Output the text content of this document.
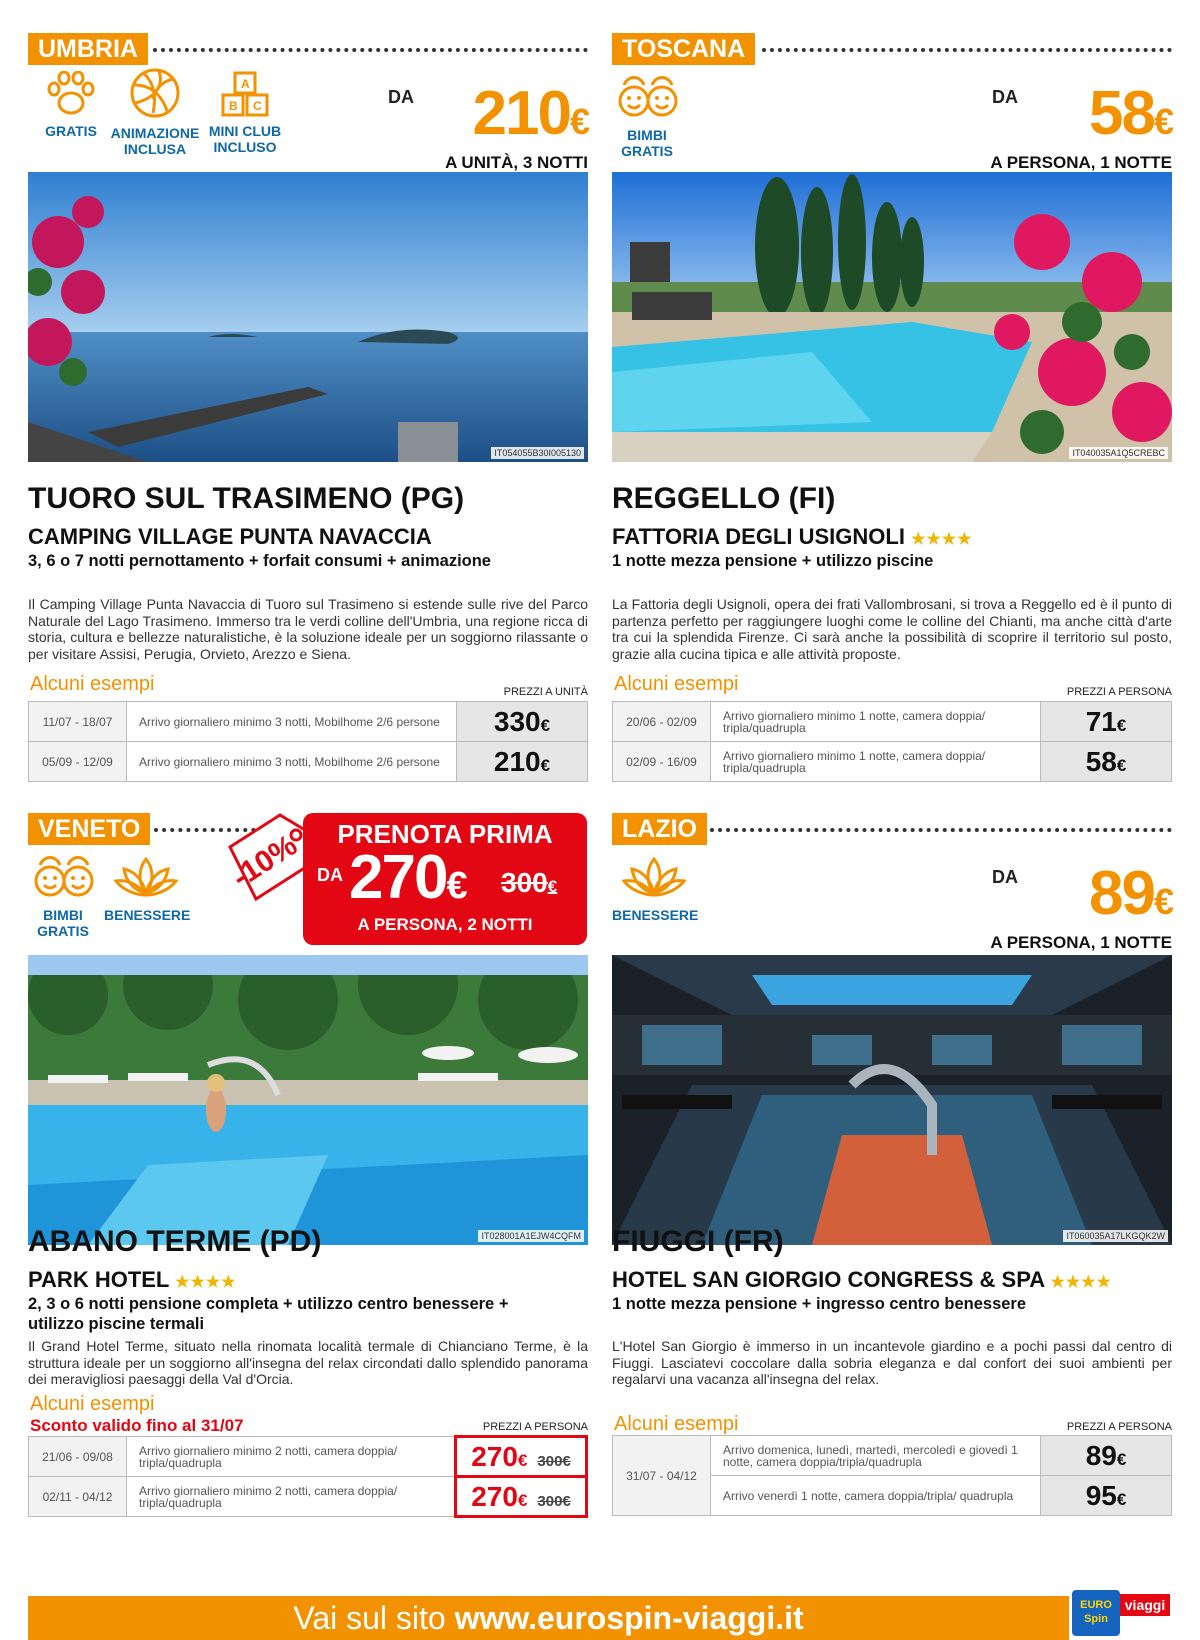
UMBRIA
GRATIS ANIMAZIONE
INCLUSA
A
B C
MINI CLUB
INCLUSO
DA 210€
A UNITÀ, 3 NOTTI
IT054055B30I005130
TUORO SUL TRASIMENO (PG)
CAMPING VILLAGE PUNTA NAVACCIA
3, 6 o 7 notti pernottamento + forfait consumi + animazione
Il Camping Village Punta Navaccia di Tuoro sul Trasimeno si estende sulle rive del Parco Naturale del Lago Trasimeno. Immerso tra le verdi colline dell'Umbria, una regione ricca di storia, cultura e bellezze naturalistiche, è la soluzione ideale per un soggiorno rilassante o per visitare Assisi, Perugia, Orvieto, Arezzo e Siena.
Alcuni esempi	PREZZI A UNITÀ
11/07 - 18/07	Arrivo giornaliero minimo 3 notti, Mobilhome 2/6 persone	330€
05/09 - 12/09	Arrivo giornaliero minimo 3 notti, Mobilhome 2/6 persone	210€
TOSCANA
BIMBI
GRATIS
DA	58€
A PERSONA, 1 NOTTE
IT040035A1Q5CREBC
REGGELLO (FI)
FATTORIA DEGLI USIGNOLI ★★★★
1 notte mezza pensione + utilizzo piscine
La Fattoria degli Usignoli, opera dei frati Vallombrosani, si trova a Reggello ed è il punto di partenza perfetto per raggiungere luoghi come le colline del Chianti, ma anche città d'arte tra cui la splendida Firenze. Ci sarà anche la possibilità di scoprire il territorio sul posto, grazie alla cucina tipica e alle attività proposte.
Alcuni esempi	PREZZI A PERSONA
20/06 - 02/09	Arrivo giornaliero minimo 1 notte, camera doppia/ tripla/quadrupla	71€
02/09 - 16/09	Arrivo giornaliero minimo 1 notte, camera doppia/ tripla/quadrupla	58€
VENETO
BIMBI
GRATIS
BENESSERE
-10%	PRENOTA PRIMA
DA 270€ 300€
A PERSONA, 2 NOTTI
IT028001A1EJW4CQFM
ABANO TERME (PD)
PARK HOTEL ★★★★
2, 3 o 6 notti pensione completa + utilizzo centro benessere + utilizzo piscine termali
Il Grand Hotel Terme, situato nella rinomata località termale di Chianciano Terme, è la struttura ideale per un soggiorno all'insegna del relax circondati dallo splendido panorama dei meravigliosi paesaggi della Val d'Orcia.
Alcuni esempi
Sconto valido fino al 31/07	PREZZI A PERSONA
21/06 - 09/08	Arrivo giornaliero minimo 2 notti, camera doppia/ tripla/quadrupla	270€ 300€
02/11 - 04/12	Arrivo giornaliero minimo 2 notti, camera doppia/ tripla/quadrupla	270€ 300€
LAZIO
BENESSERE
DA	89€
A PERSONA, 1 NOTTE
IT060035A17LKGQK2W
FIUGGI (FR)
HOTEL SAN GIORGIO CONGRESS & SPA ★★★★
1 notte mezza pensione + ingresso centro benessere
L'Hotel San Giorgio è immerso in un incantevole giardino e a pochi passi dal centro di Fiuggi. Lasciatevi coccolare dalla sobria eleganza e dal confort dei suoi ambienti per regalarvi una vacanza all'insegna del relax.
Alcuni esempi	PREZZI A PERSONA
31/07 - 04/12	Arrivo domenica, lunedì, martedì, mercoledì e giovedì 1 notte, camera doppia/tripla/quadrupla	89€
	Arrivo venerdì 1 notte, camera doppia/tripla/ quadrupla	95€
Vai sul sito www.eurospin-viaggi.it	EURO Spin
viaggi
